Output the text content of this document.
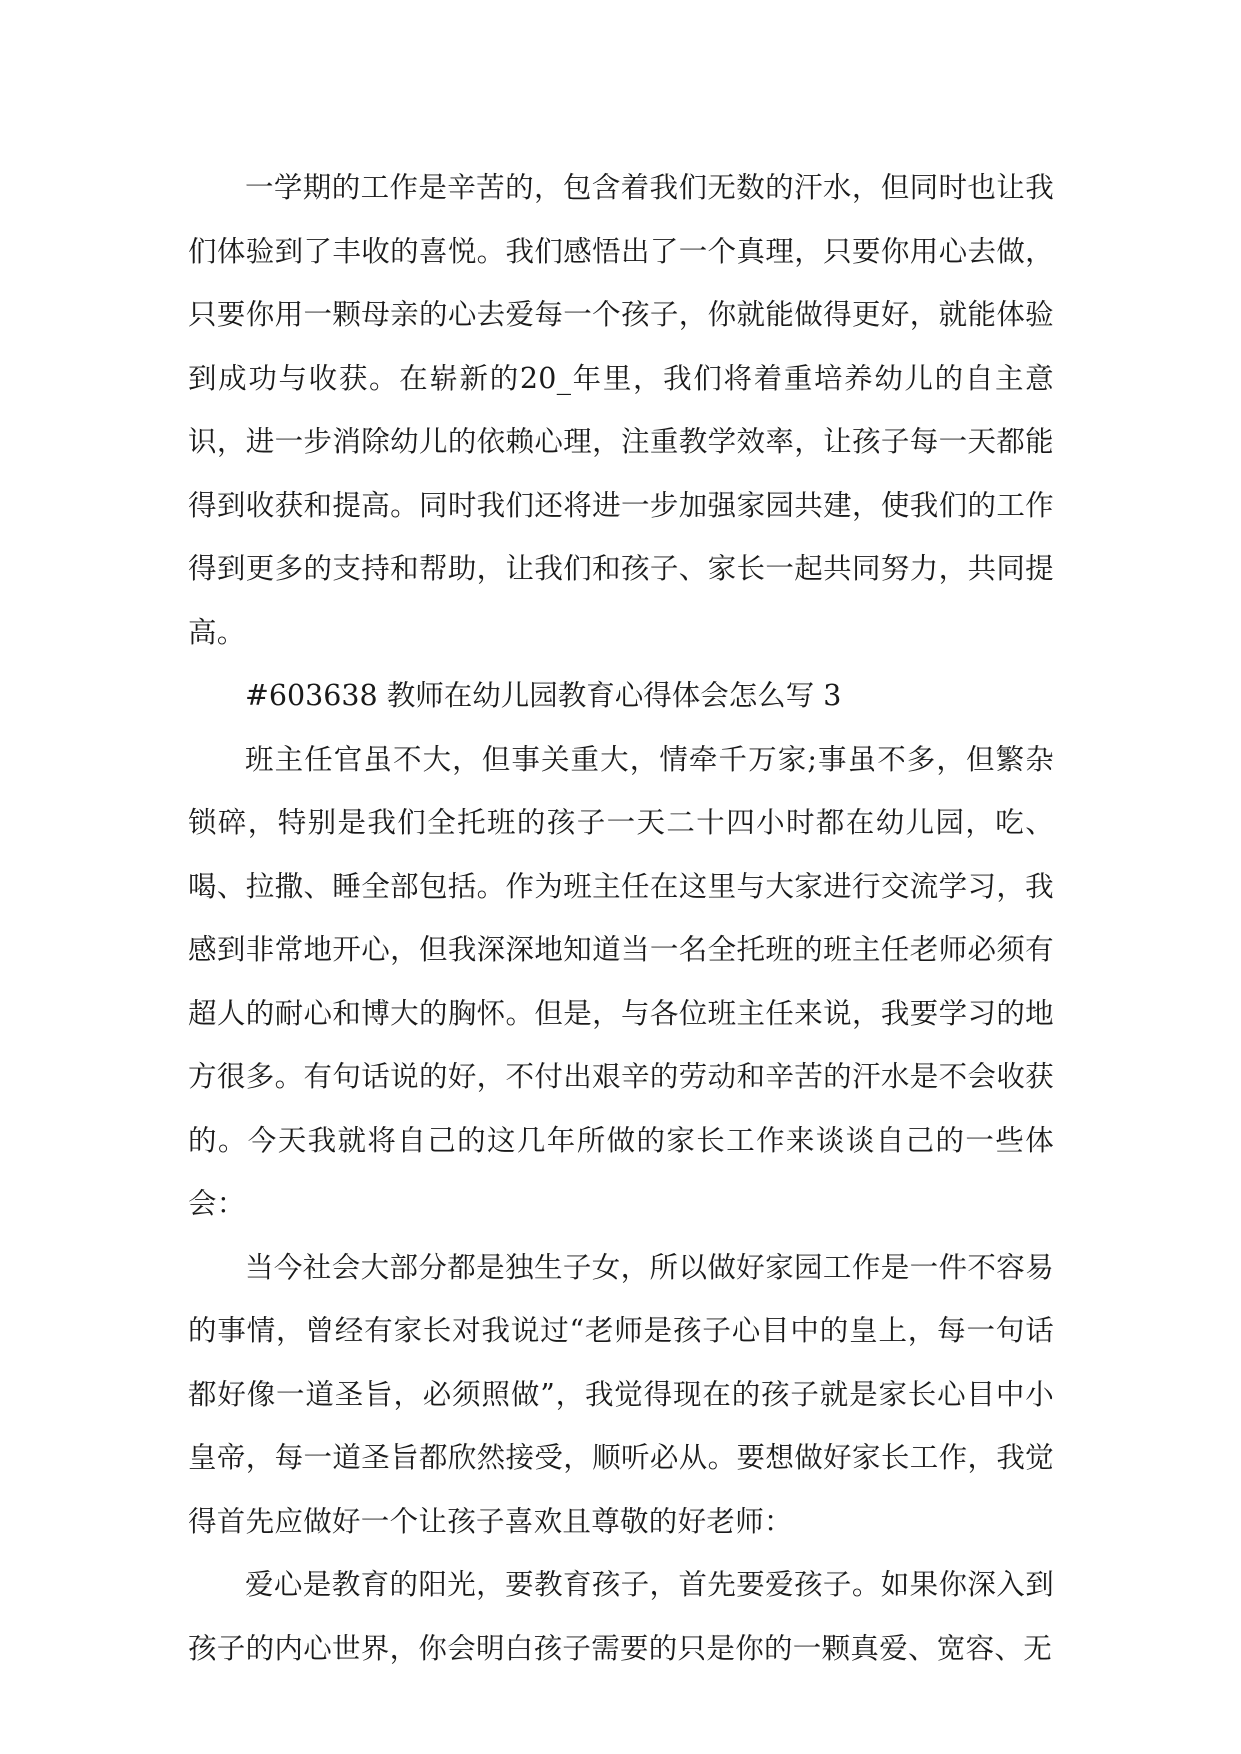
一学期的工作是辛苦的，包含着我们无数的汗水，但同时也让我们体验到了丰收的喜悦。我们感悟出了一个真理，只要你用心去做，只要你用一颗母亲的心去爱每一个孩子，你就能做得更好，就能体验到成功与收获。在崭新的20_年里，我们将着重培养幼儿的自主意识，进一步消除幼儿的依赖心理，注重教学效率，让孩子每一天都能得到收获和提高。同时我们还将进一步加强家园共建，使我们的工作得到更多的支持和帮助，让我们和孩子、家长一起共同努力，共同提高。

#603638 教师在幼儿园教育心得体会怎么写 3

班主任官虽不大，但事关重大，情牵千万家;事虽不多，但繁杂锁碎，特别是我们全托班的孩子一天二十四小时都在幼儿园，吃、喝、拉撒、睡全部包括。作为班主任在这里与大家进行交流学习，我感到非常地开心，但我深深地知道当一名全托班的班主任老师必须有超人的耐心和博大的胸怀。但是，与各位班主任来说，我要学习的地方很多。有句话说的好，不付出艰辛的劳动和辛苦的汗水是不会收获的。今天我就将自己的这几年所做的家长工作来谈谈自己的一些体会：

当今社会大部分都是独生子女，所以做好家园工作是一件不容易的事情，曾经有家长对我说过“老师是孩子心目中的皇上，每一句话都好像一道圣旨，必须照做”，我觉得现在的孩子就是家长心目中小皇帝，每一道圣旨都欣然接受，顺听必从。要想做好家长工作，我觉得首先应做好一个让孩子喜欢且尊敬的好老师：

爱心是教育的阳光，要教育孩子，首先要爱孩子。如果你深入到孩子的内心世界，你会明白孩子需要的只是你的一颗真爱、宽容、无
